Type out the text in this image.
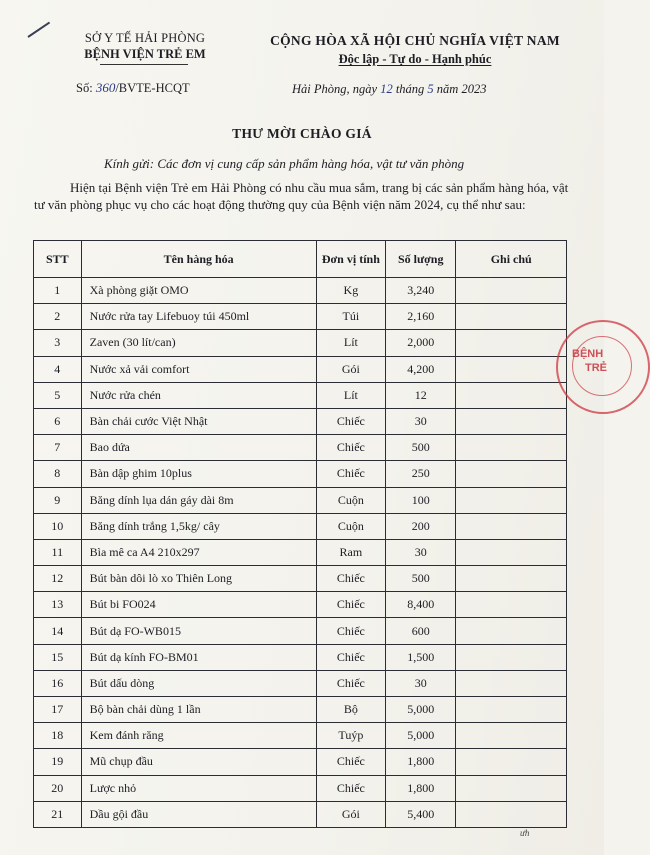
SỞ Y TẾ HẢI PHÒNG
BỆNH VIỆN TRẺ EM
Số: 360/BVTE-HCQT
CỘNG HÒA XÃ HỘI CHỦ NGHĨA VIỆT NAM
Độc lập - Tự do - Hạnh phúc
Hải Phòng, ngày 12 tháng 5 năm 2023
THƯ MỜI CHÀO GIÁ
Kính gửi: Các đơn vị cung cấp sản phẩm hàng hóa, vật tư văn phòng
Hiện tại Bệnh viện Trẻ em Hải Phòng có nhu cầu mua sắm, trang bị các sản phẩm hàng hóa, vật tư văn phòng phục vụ cho các hoạt động thường quy của Bệnh viện năm 2024, cụ thể như sau:
STT	Tên hàng hóa	Đơn vị tính	Số lượng	Ghi chú
1	Xà phòng giặt OMO	Kg	3,240	
2	Nước rửa tay Lifebuoy túi 450ml	Túi	2,160	
3	Zaven (30 lít/can)	Lít	2,000	
4	Nước xả vải comfort	Gói	4,200	
5	Nước rửa chén	Lít	12	
6	Bàn chải cước Việt Nhật	Chiếc	30	
7	Bao dứa	Chiếc	500	
8	Bàn dập ghim 10plus	Chiếc	250	
9	Băng dính lụa dán gáy dài 8m	Cuộn	100	
10	Băng dính trắng 1,5kg/ cây	Cuộn	200	
11	Bìa mê ca A4 210x297	Ram	30	
12	Bút bàn dôi lò xo Thiên Long	Chiếc	500	
13	Bút bi FO024	Chiếc	8,400	
14	Bút dạ FO-WB015	Chiếc	600	
15	Bút dạ kính FO-BM01	Chiếc	1,500	
16	Bút dấu dòng	Chiếc	30	
17	Bộ bàn chải dùng 1 lần	Bộ	5,000	
18	Kem đánh răng	Tuýp	5,000	
19	Mũ chụp đầu	Chiếc	1,800	
20	Lược nhỏ	Chiếc	1,800	
21	Dầu gội đầu	Gói	5,400	
BỆNH
TRẺ
ưh
